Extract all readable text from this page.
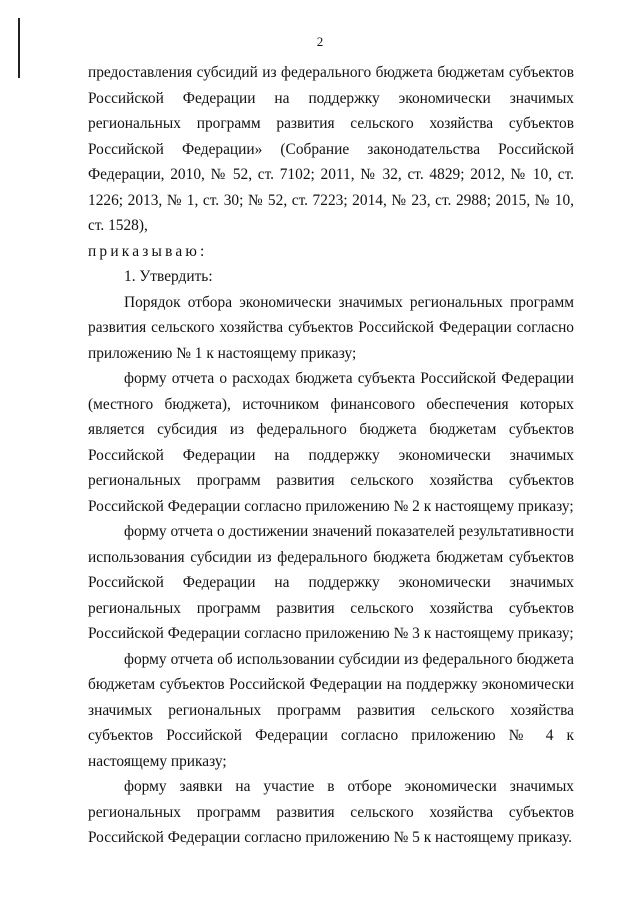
2

предоставления субсидий из федерального бюджета бюджетам субъектов Российской Федерации на поддержку экономически значимых региональных программ развития сельского хозяйства субъектов Российской Федерации» (Собрание законодательства Российской Федерации, 2010, № 52, ст. 7102; 2011, № 32, ст. 4829; 2012, № 10, ст. 1226; 2013, № 1, ст. 30; № 52, ст. 7223; 2014, № 23, ст. 2988; 2015, № 10, ст. 1528),

приказываю:

1. Утвердить:

Порядок отбора экономически значимых региональных программ развития сельского хозяйства субъектов Российской Федерации согласно приложению № 1 к настоящему приказу;

форму отчета о расходах бюджета субъекта Российской Федерации (местного бюджета), источником финансового обеспечения которых является субсидия из федерального бюджета бюджетам субъектов Российской Федерации на поддержку экономически значимых региональных программ развития сельского хозяйства субъектов Российской Федерации согласно приложению № 2 к настоящему приказу;

форму отчета о достижении значений показателей результативности использования субсидии из федерального бюджета бюджетам субъектов Российской Федерации на поддержку экономически значимых региональных программ развития сельского хозяйства субъектов Российской Федерации согласно приложению № 3 к настоящему приказу;

форму отчета об использовании субсидии из федерального бюджета бюджетам субъектов Российской Федерации на поддержку экономически значимых региональных программ развития сельского хозяйства субъектов Российской Федерации согласно приложению № 4 к настоящему приказу;

форму заявки на участие в отборе экономически значимых региональных программ развития сельского хозяйства субъектов Российской Федерации согласно приложению № 5 к настоящему приказу.
